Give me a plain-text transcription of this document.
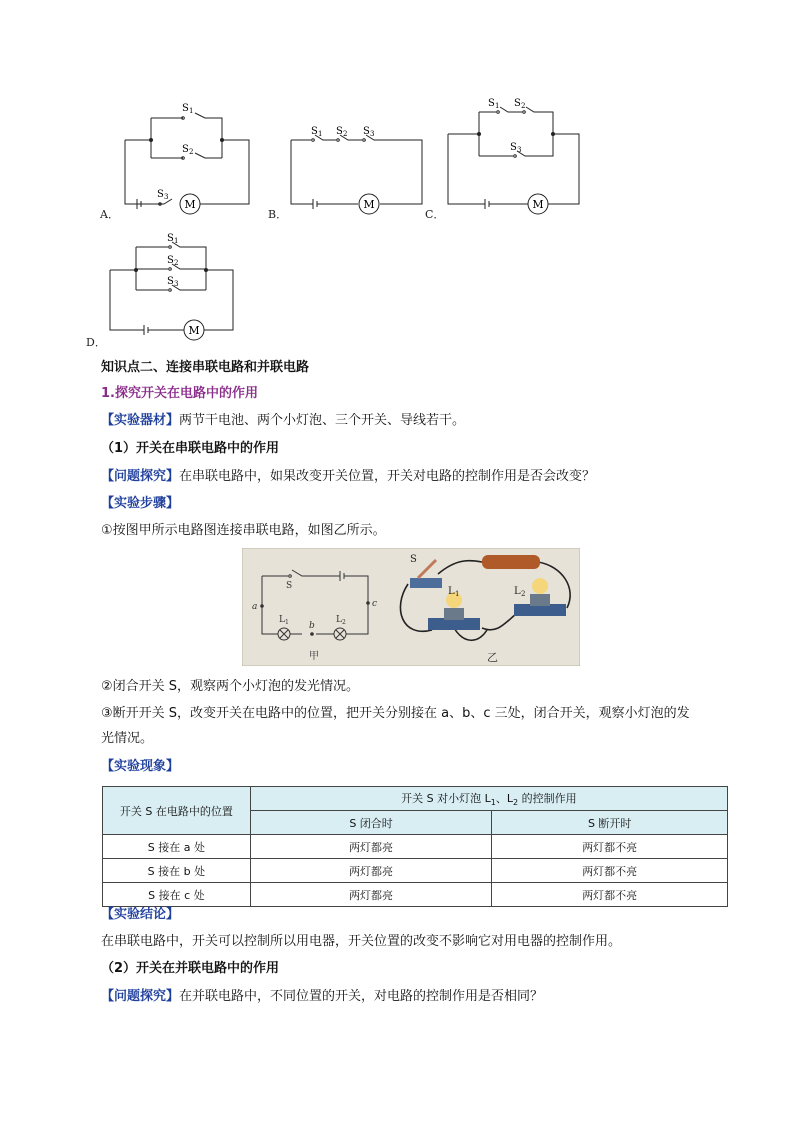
S 1
S 2
S 3
M
A．
S 1 S 2 S 3
M
B．
S 1 S 2
S 3
M
C．
S 1
S 2
S 3
M
D．
知识点二、连接串联电路和并联电路
1.探究开关在电路中的作用
【实验器材】两节干电池、两个小灯泡、三个开关、导线若干。
（1）开关在串联电路中的作用
【问题探究】在串联电路中，如果改变开关位置，开关对电路的控制作用是否会改变？
【实验步骤】
①按图甲所示电路图连接串联电路，如图乙所示。
S
a	c
b
L 1	L 2
甲
S
L 1	L 2
乙
②闭合开关 S，观察两个小灯泡的发光情况。
③断开开关 S，改变开关在电路中的位置，把开关分别接在 a、b、c 三处，闭合开关，观察小灯泡的发
光情况。
【实验现象】
开关 S 在电路中的位置	开关 S 对小灯泡 $L_1$、$L_2$ 的控制作用	
	S 闭合时	S 断开时
S 接在 a 处	两灯都亮	两灯都不亮
S 接在 b 处	两灯都亮	两灯都不亮
S 接在 c 处	两灯都亮	两灯都不亮
【实验结论】
在串联电路中，开关可以控制所以用电器，开关位置的改变不影响它对用电器的控制作用。
（2）开关在并联电路中的作用
【问题探究】在并联电路中，不同位置的开关，对电路的控制作用是否相同？
